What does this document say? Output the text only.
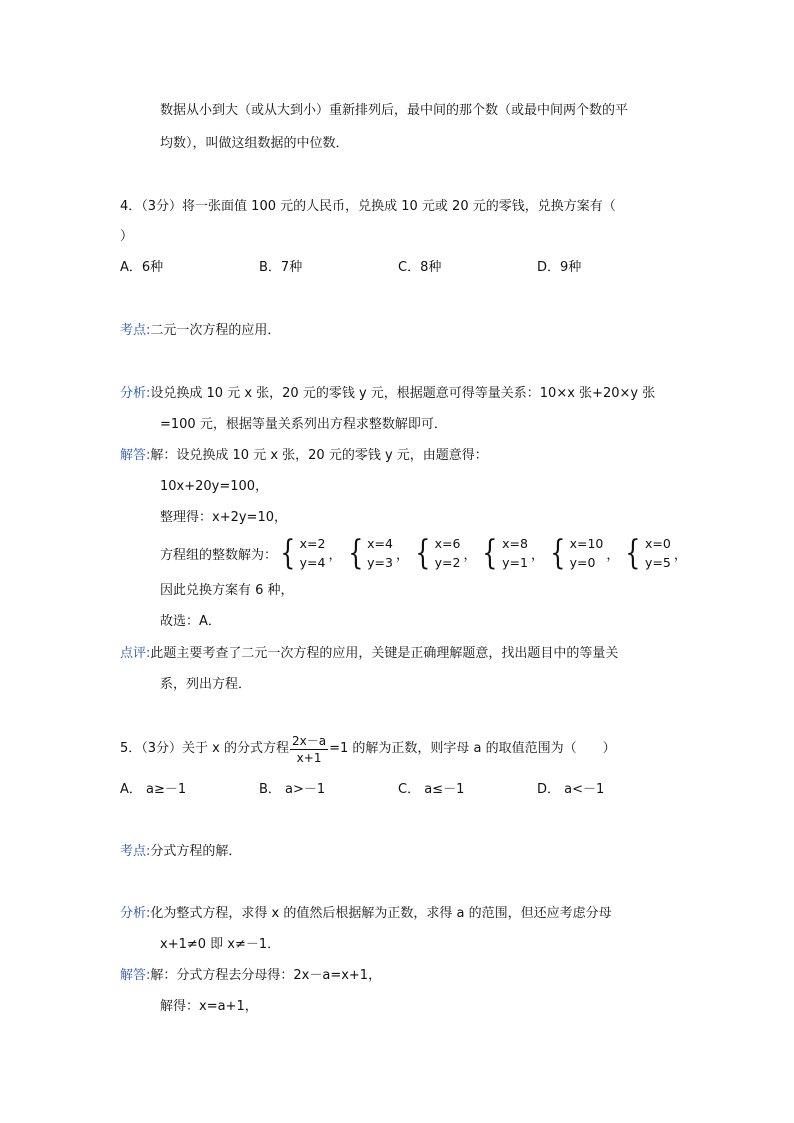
数据从小到大（或从大到小）重新排列后，最中间的那个数（或最中间两个数的平
均数），叫做这组数据的中位数．
4．（3分）将一张面值 100 元的人民币，兑换成 10 元或 20 元的零钱，兑换方案有（
）
A．6种	B．7种	C．8种	D．9种
考点:二元一次方程的应用．
分析:设兑换成 10 元 x 张，20 元的零钱 y 元，根据题意可得等量关系：10×x 张+20×y 张
=100 元，根据等量关系列出方程求整数解即可．
解答:解：设兑换成 10 元 x 张，20 元的零钱 y 元，由题意得：
10x+20y=100，
整理得：x+2y=10，
方程组的整数解为： { x=2
y=4 ， { x=4
y=3 ， { x=6
y=2 ， { x=8
y=1 ， { x=10
y=0 ， { x=0
y=5 ，
因此兑换方案有 6 种，
故选：A．
点评:此题主要考查了二元一次方程的应用，关键是正确理解题意，找出题目中的等量关
系，列出方程．
5．（3分）关于 x 的分式方程 $\frac{2x-a}{x+1} =1$ 的解为正数，则字母 a 的取值范围为（　　）
A． a≥－1	B． a>－1	C． a≤－1	D． a<－1
考点:分式方程的解．
分析:化为整式方程，求得 x 的值然后根据解为正数，求得 a 的范围，但还应考虑分母
x+1≠0 即 x≠－1．
解答:解：分式方程去分母得：2x－a=x+1，
解得：x=a+1，
